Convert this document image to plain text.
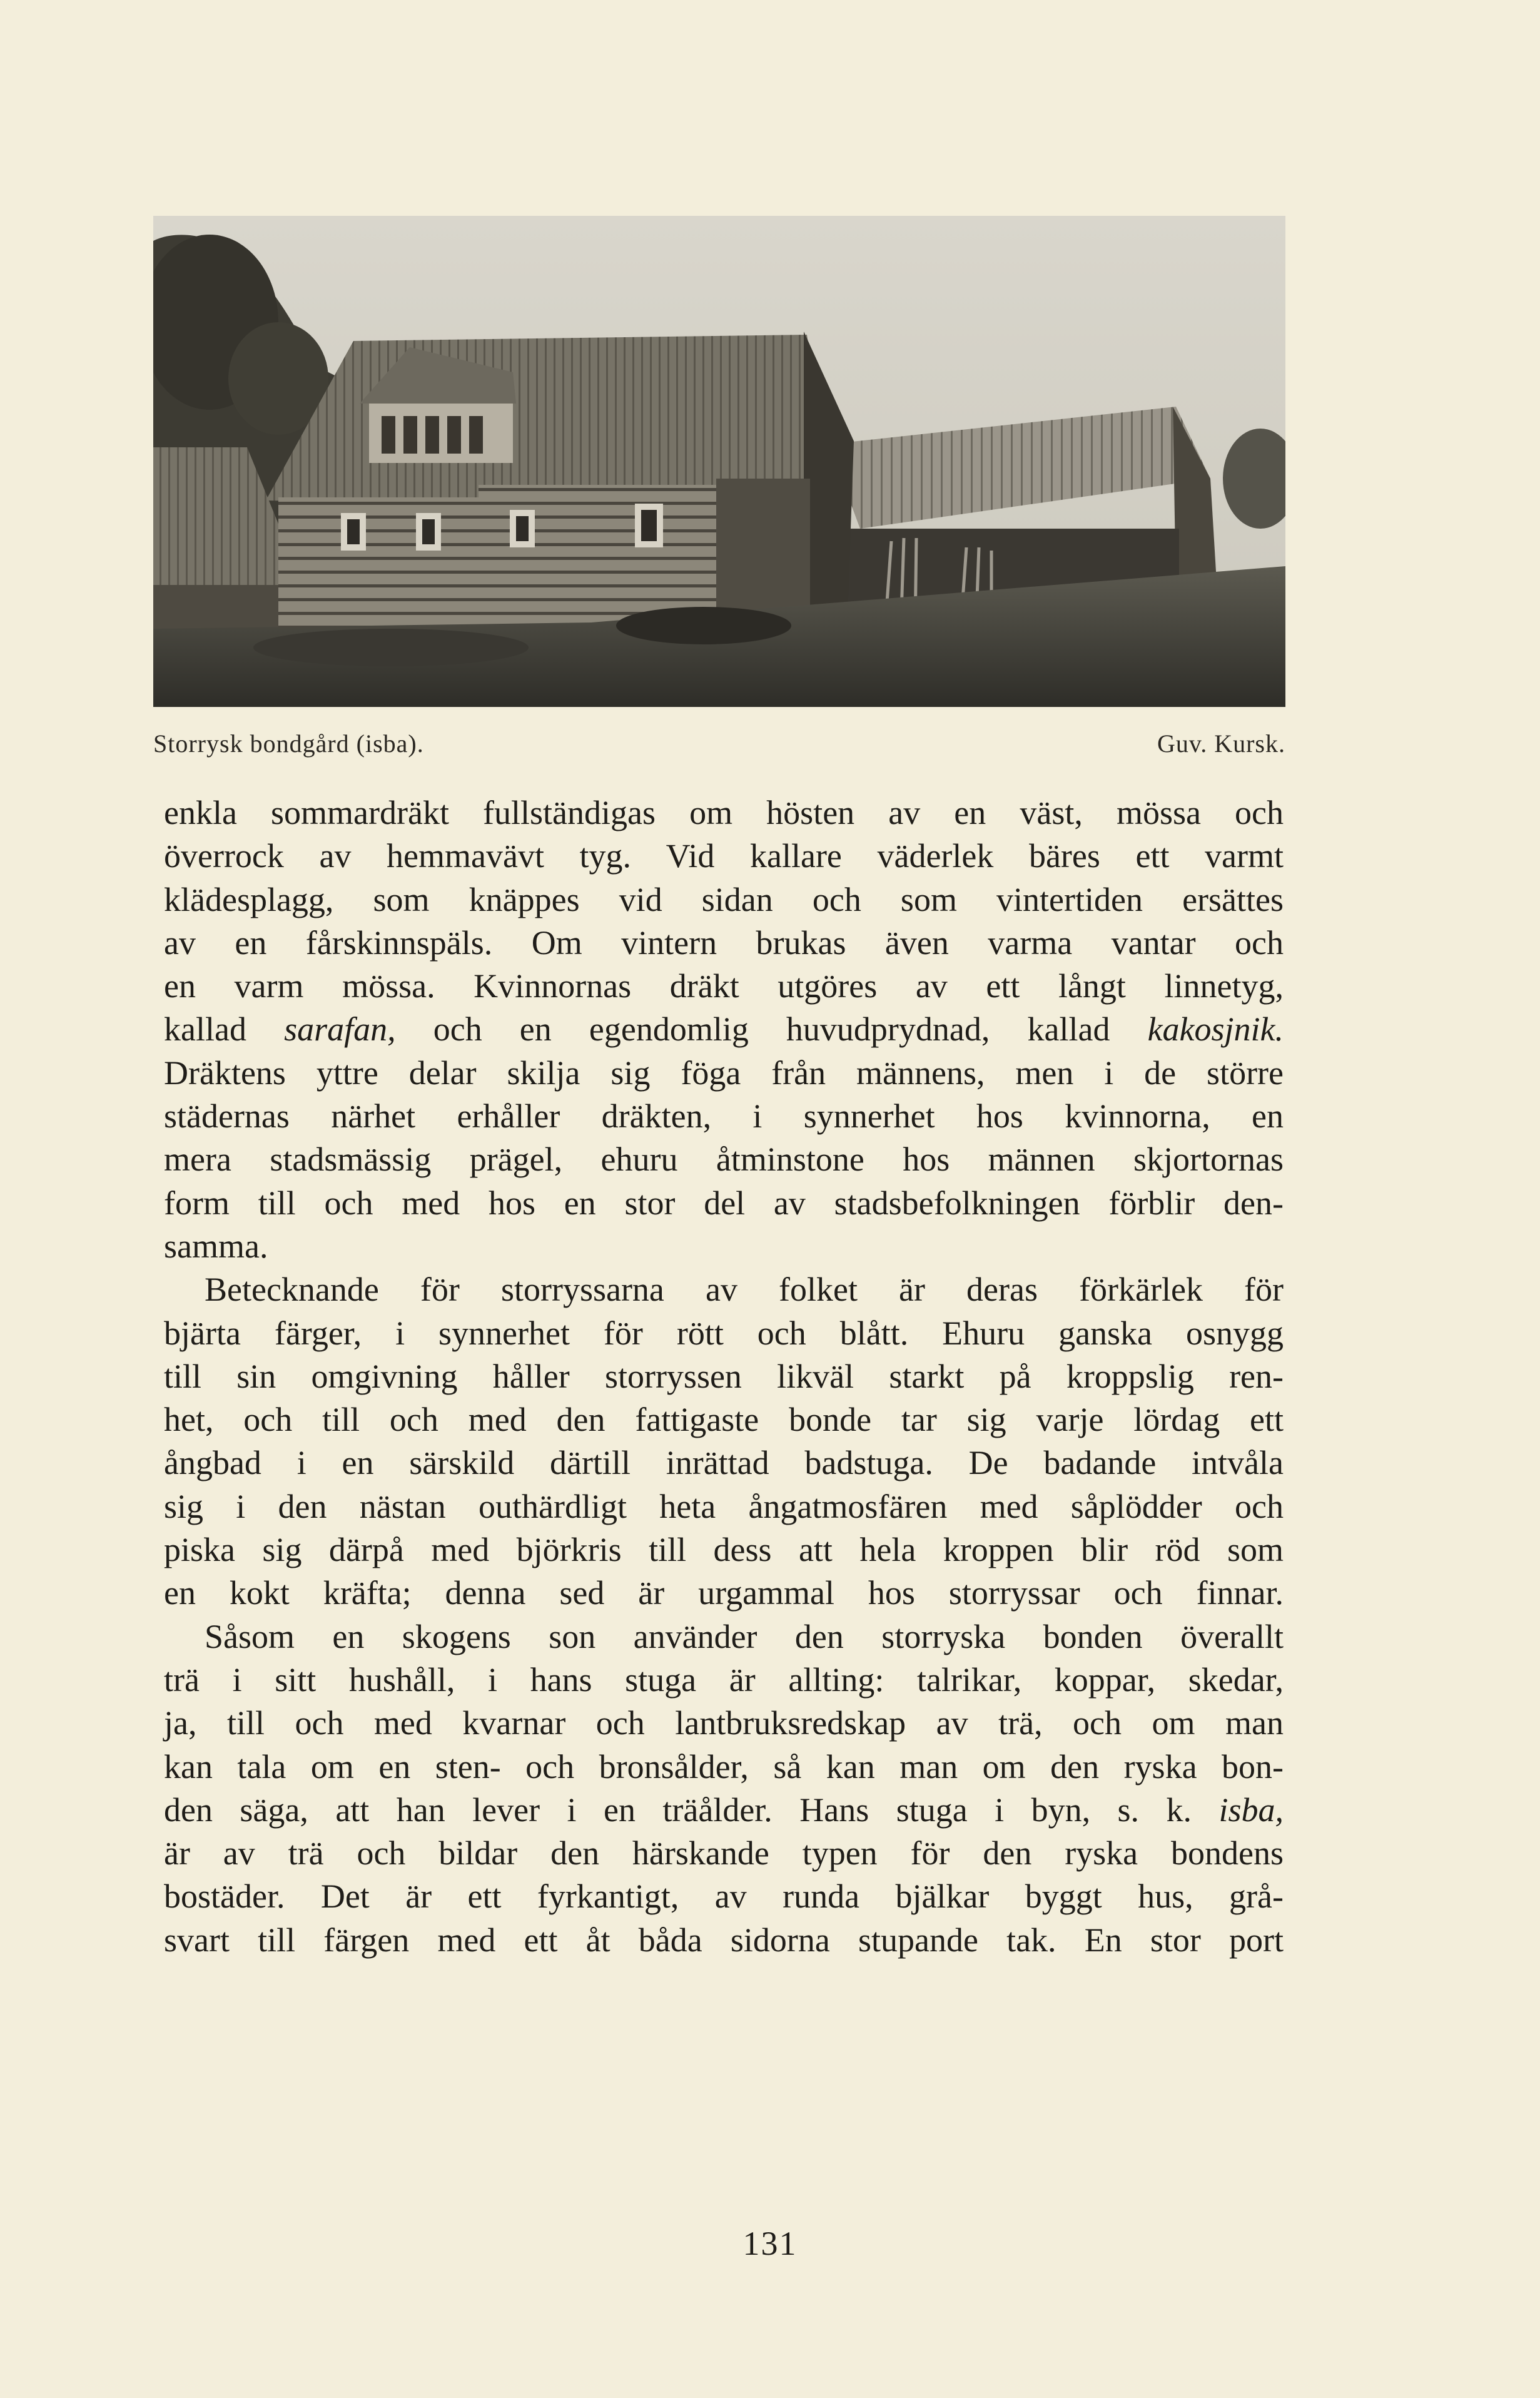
Storrysk bondgård (isba).	Guv. Kursk.
enkla sommardräkt fullständigas om hösten av en väst, mössa och
överrock av hemmavävt tyg. Vid kallare väderlek bäres ett varmt
klädesplagg, som knäppes vid sidan och som vintertiden ersättes
av en fårskinnspäls. Om vintern brukas även varma vantar och
en varm mössa. Kvinnornas dräkt utgöres av ett långt linnetyg,
kallad sarafan, och en egendomlig huvudprydnad, kallad kakosjnik.
Dräktens yttre delar skilja sig föga från männens, men i de större
städernas närhet erhåller dräkten, i synnerhet hos kvinnorna, en
mera stadsmässig prägel, ehuru åtminstone hos männen skjortornas
form till och med hos en stor del av stadsbefolkningen förblir den-
samma.
Betecknande för storryssarna av folket är deras förkärlek för
bjärta färger, i synnerhet för rött och blått. Ehuru ganska osnygg
till sin omgivning håller storryssen likväl starkt på kroppslig ren-
het, och till och med den fattigaste bonde tar sig varje lördag ett
ångbad i en särskild därtill inrättad badstuga. De badande intvåla
sig i den nästan outhärdligt heta ångatmosfären med såplödder och
piska sig därpå med björkris till dess att hela kroppen blir röd som
en kokt kräfta; denna sed är urgammal hos storryssar och finnar.
Såsom en skogens son använder den storryska bonden överallt
trä i sitt hushåll, i hans stuga är allting: talrikar, koppar, skedar,
ja, till och med kvarnar och lantbruksredskap av trä, och om man
kan tala om en sten- och bronsålder, så kan man om den ryska bon-
den säga, att han lever i en träålder. Hans stuga i byn, s. k. isba,
är av trä och bildar den härskande typen för den ryska bondens
bostäder. Det är ett fyrkantigt, av runda bjälkar byggt hus, grå-
svart till färgen med ett åt båda sidorna stupande tak. En stor port
131
